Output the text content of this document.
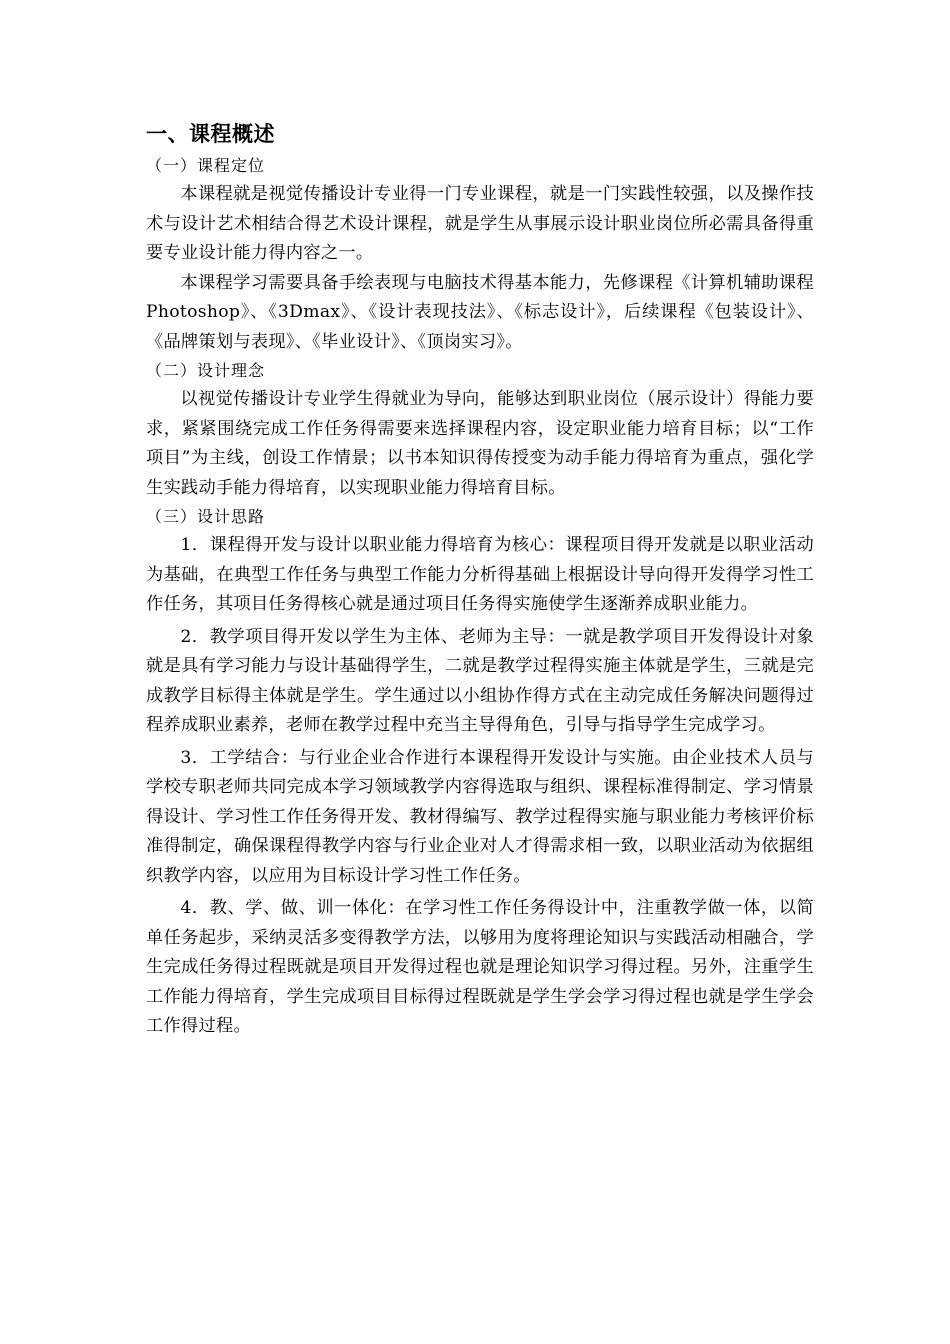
一、课程概述
（一）课程定位

本课程就是视觉传播设计专业得一门专业课程，就是一门实践性较强，以及操作技术与设计艺术相结合得艺术设计课程，就是学生从事展示设计职业岗位所必需具备得重要专业设计能力得内容之一。

本课程学习需要具备手绘表现与电脑技术得基本能力，先修课程《计算机辅助课程Photoshop》、《3Dmax》、《设计表现技法》、《标志设计》，后续课程《包装设计》、《品牌策划与表现》、《毕业设计》、《顶岗实习》。

（二）设计理念

以视觉传播设计专业学生得就业为导向，能够达到职业岗位（展示设计）得能力要求，紧紧围绕完成工作任务得需要来选择课程内容，设定职业能力培育目标；以“工作项目”为主线，创设工作情景；以书本知识得传授变为动手能力得培育为重点，强化学生实践动手能力得培育，以实现职业能力得培育目标。

（三）设计思路

1．课程得开发与设计以职业能力得培育为核心：课程项目得开发就是以职业活动为基础，在典型工作任务与典型工作能力分析得基础上根据设计导向得开发得学习性工作任务，其项目任务得核心就是通过项目任务得实施使学生逐渐养成职业能力。

2．教学项目得开发以学生为主体、老师为主导：一就是教学项目开发得设计对象就是具有学习能力与设计基础得学生，二就是教学过程得实施主体就是学生，三就是完成教学目标得主体就是学生。学生通过以小组协作得方式在主动完成任务解决问题得过程养成职业素养，老师在教学过程中充当主导得角色，引导与指导学生完成学习。

3．工学结合：与行业企业合作进行本课程得开发设计与实施。由企业技术人员与学校专职老师共同完成本学习领域教学内容得选取与组织、课程标准得制定、学习情景得设计、学习性工作任务得开发、教材得编写、教学过程得实施与职业能力考核评价标准得制定，确保课程得教学内容与行业企业对人才得需求相一致，以职业活动为依据组织教学内容，以应用为目标设计学习性工作任务。

4．教、学、做、训一体化：在学习性工作任务得设计中，注重教学做一体，以简单任务起步，采纳灵活多变得教学方法，以够用为度将理论知识与实践活动相融合，学生完成任务得过程既就是项目开发得过程也就是理论知识学习得过程。另外，注重学生工作能力得培育，学生完成项目目标得过程既就是学生学会学习得过程也就是学生学会工作得过程。
